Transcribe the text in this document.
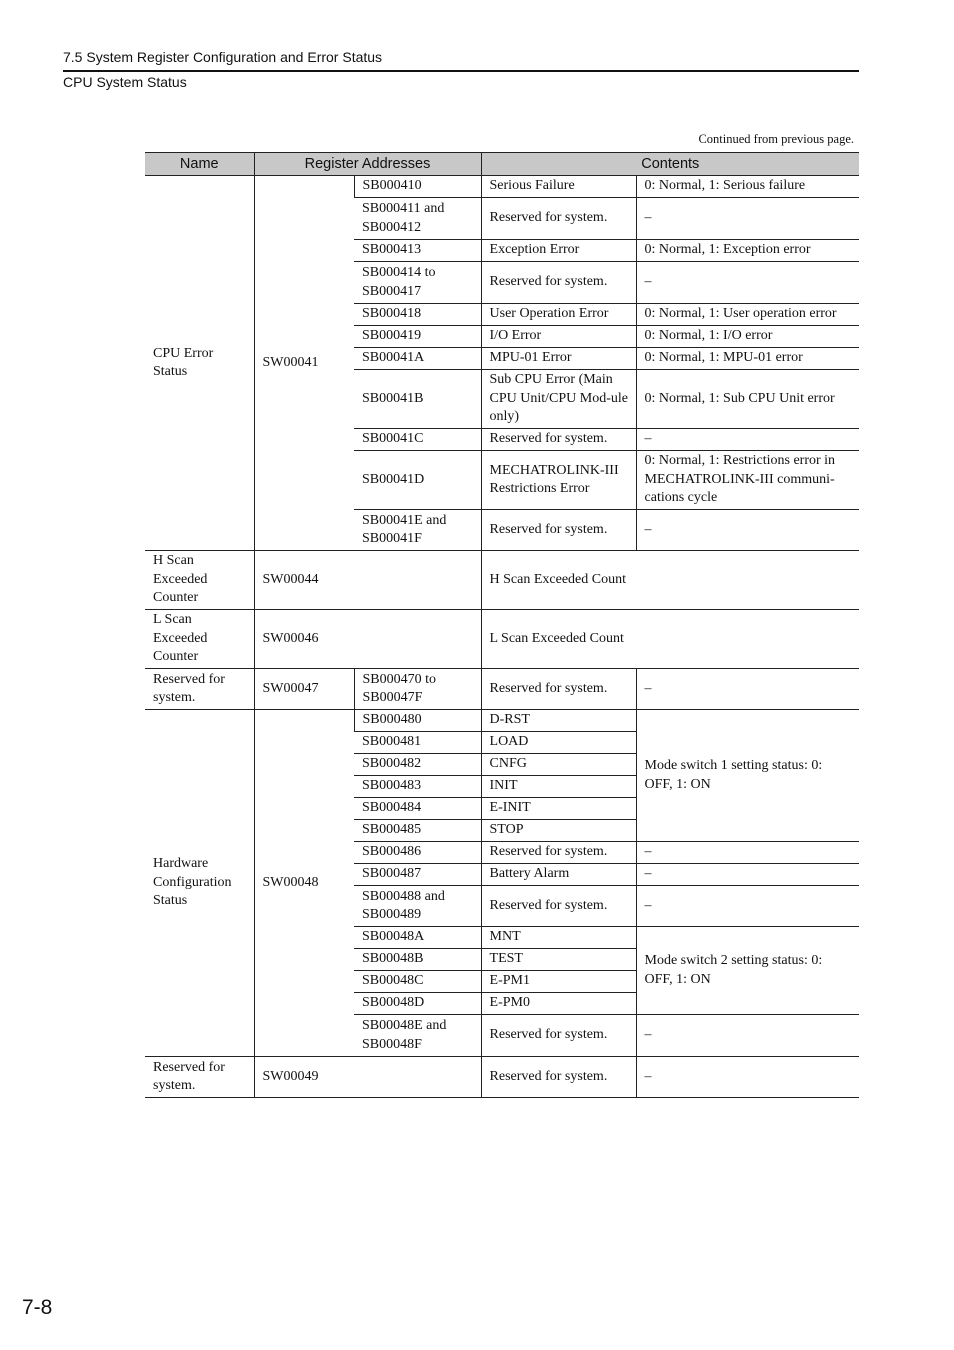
7.5 System Register Configuration and Error Status
CPU System Status
Continued from previous page.
Name	Register Addresses		Contents	
CPU Error Status	SW00041	SB000410	Serious Failure	0: Normal, 1: Serious failure
		SB000411 and SB000412	Reserved for system.	–
		SB000413	Exception Error	0: Normal, 1: Exception error
		SB000414 to SB000417	Reserved for system.	–
		SB000418	User Operation Error	0: Normal, 1: User operation error
		SB000419	I/O Error	0: Normal, 1: I/O error
		SB00041A	MPU-01 Error	0: Normal, 1: MPU-01 error
		SB00041B	Sub CPU Error (Main CPU Unit/CPU Mod-ule only)	0: Normal, 1: Sub CPU Unit error
		SB00041C	Reserved for system.	–
		SB00041D	MECHATROLINK-III Restrictions Error	0: Normal, 1: Restrictions error in MECHATROLINK-III communi-cations cycle
		SB00041E and SB00041F	Reserved for system.	–
H Scan Exceeded Counter	SW00044		H Scan Exceeded Count	
L Scan Exceeded Counter	SW00046		L Scan Exceeded Count	
Reserved for system.	SW00047	SB000470 to SB00047F	Reserved for system.	–
Hardware Configuration Status	SW00048	SB000480	D-RST	Mode switch 1 setting status: 0: OFF, 1: ON
		SB000481	LOAD	
		SB000482	CNFG	
		SB000483	INIT	
		SB000484	E-INIT	
		SB000485	STOP	
		SB000486	Reserved for system.	–
		SB000487	Battery Alarm	–
		SB000488 and SB000489	Reserved for system.	–
		SB00048A	MNT	Mode switch 2 setting status: 0: OFF, 1: ON
		SB00048B	TEST	
		SB00048C	E-PM1	
		SB00048D	E-PM0	
		SB00048E and SB00048F	Reserved for system.	–
Reserved for system.	SW00049		Reserved for system.	–
7-8
